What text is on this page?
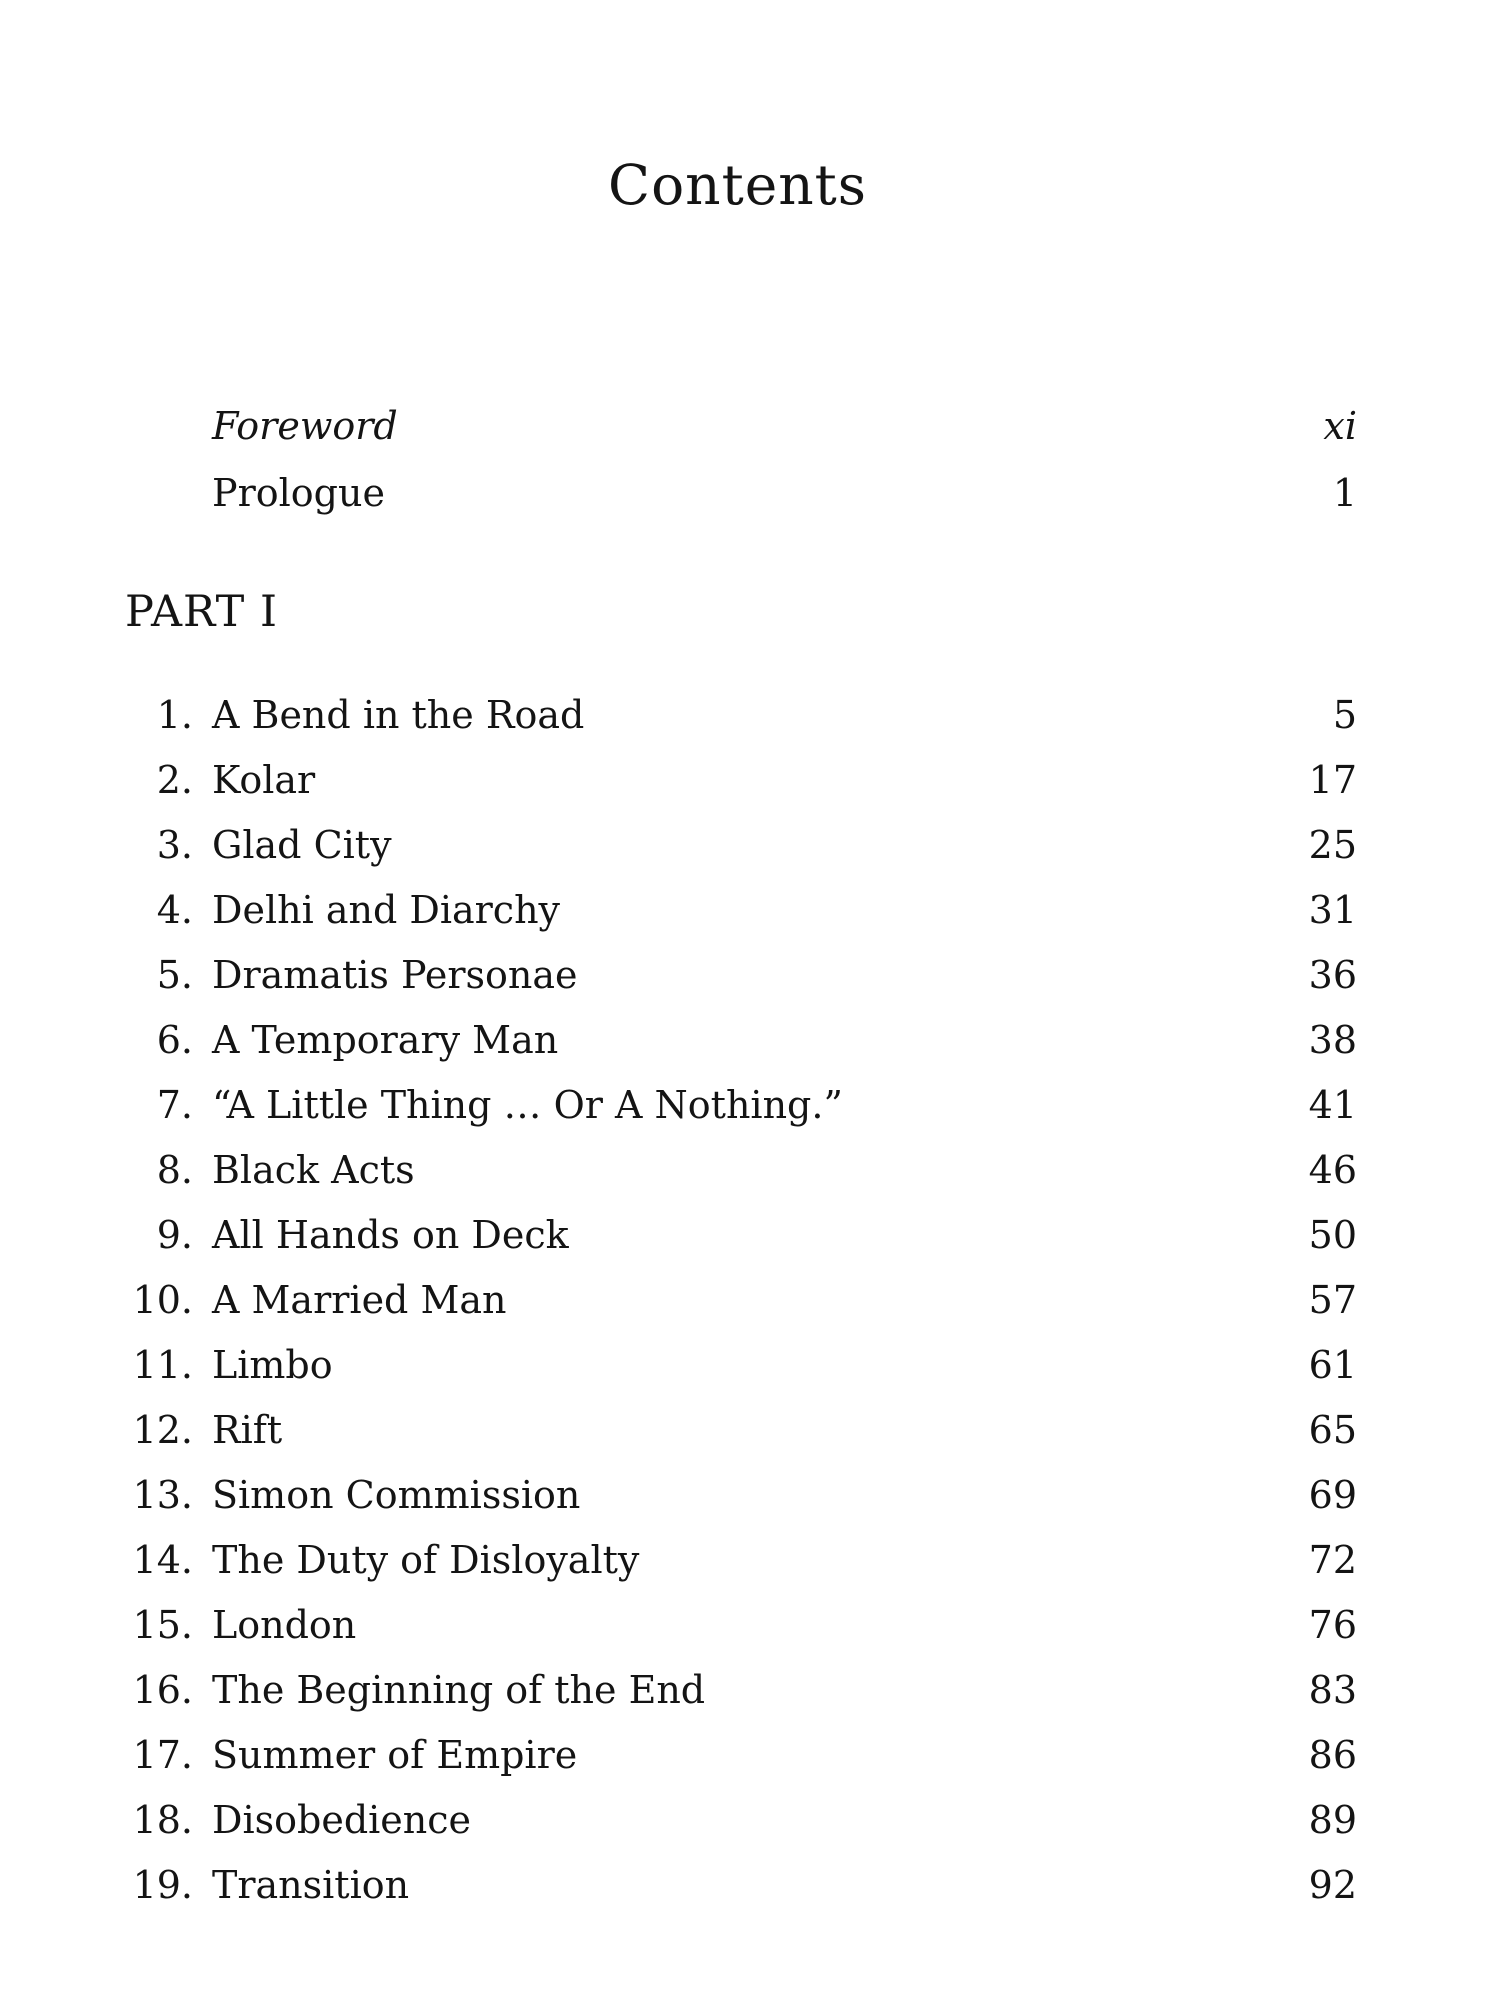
Contents
Foreword	xi
Prologue	1
PART I
1. A Bend in the Road	5
2. Kolar	17
3. Glad City	25
4. Delhi and Diarchy	31
5. Dramatis Personae	36
6. A Temporary Man	38
7. “A Little Thing … Or A Nothing.”	41
8. Black Acts	46
9. All Hands on Deck	50
10. A Married Man	57
11. Limbo	61
12. Rift	65
13. Simon Commission	69
14. The Duty of Disloyalty	72
15. London	76
16. The Beginning of the End	83
17. Summer of Empire	86
18. Disobedience	89
19. Transition	92
